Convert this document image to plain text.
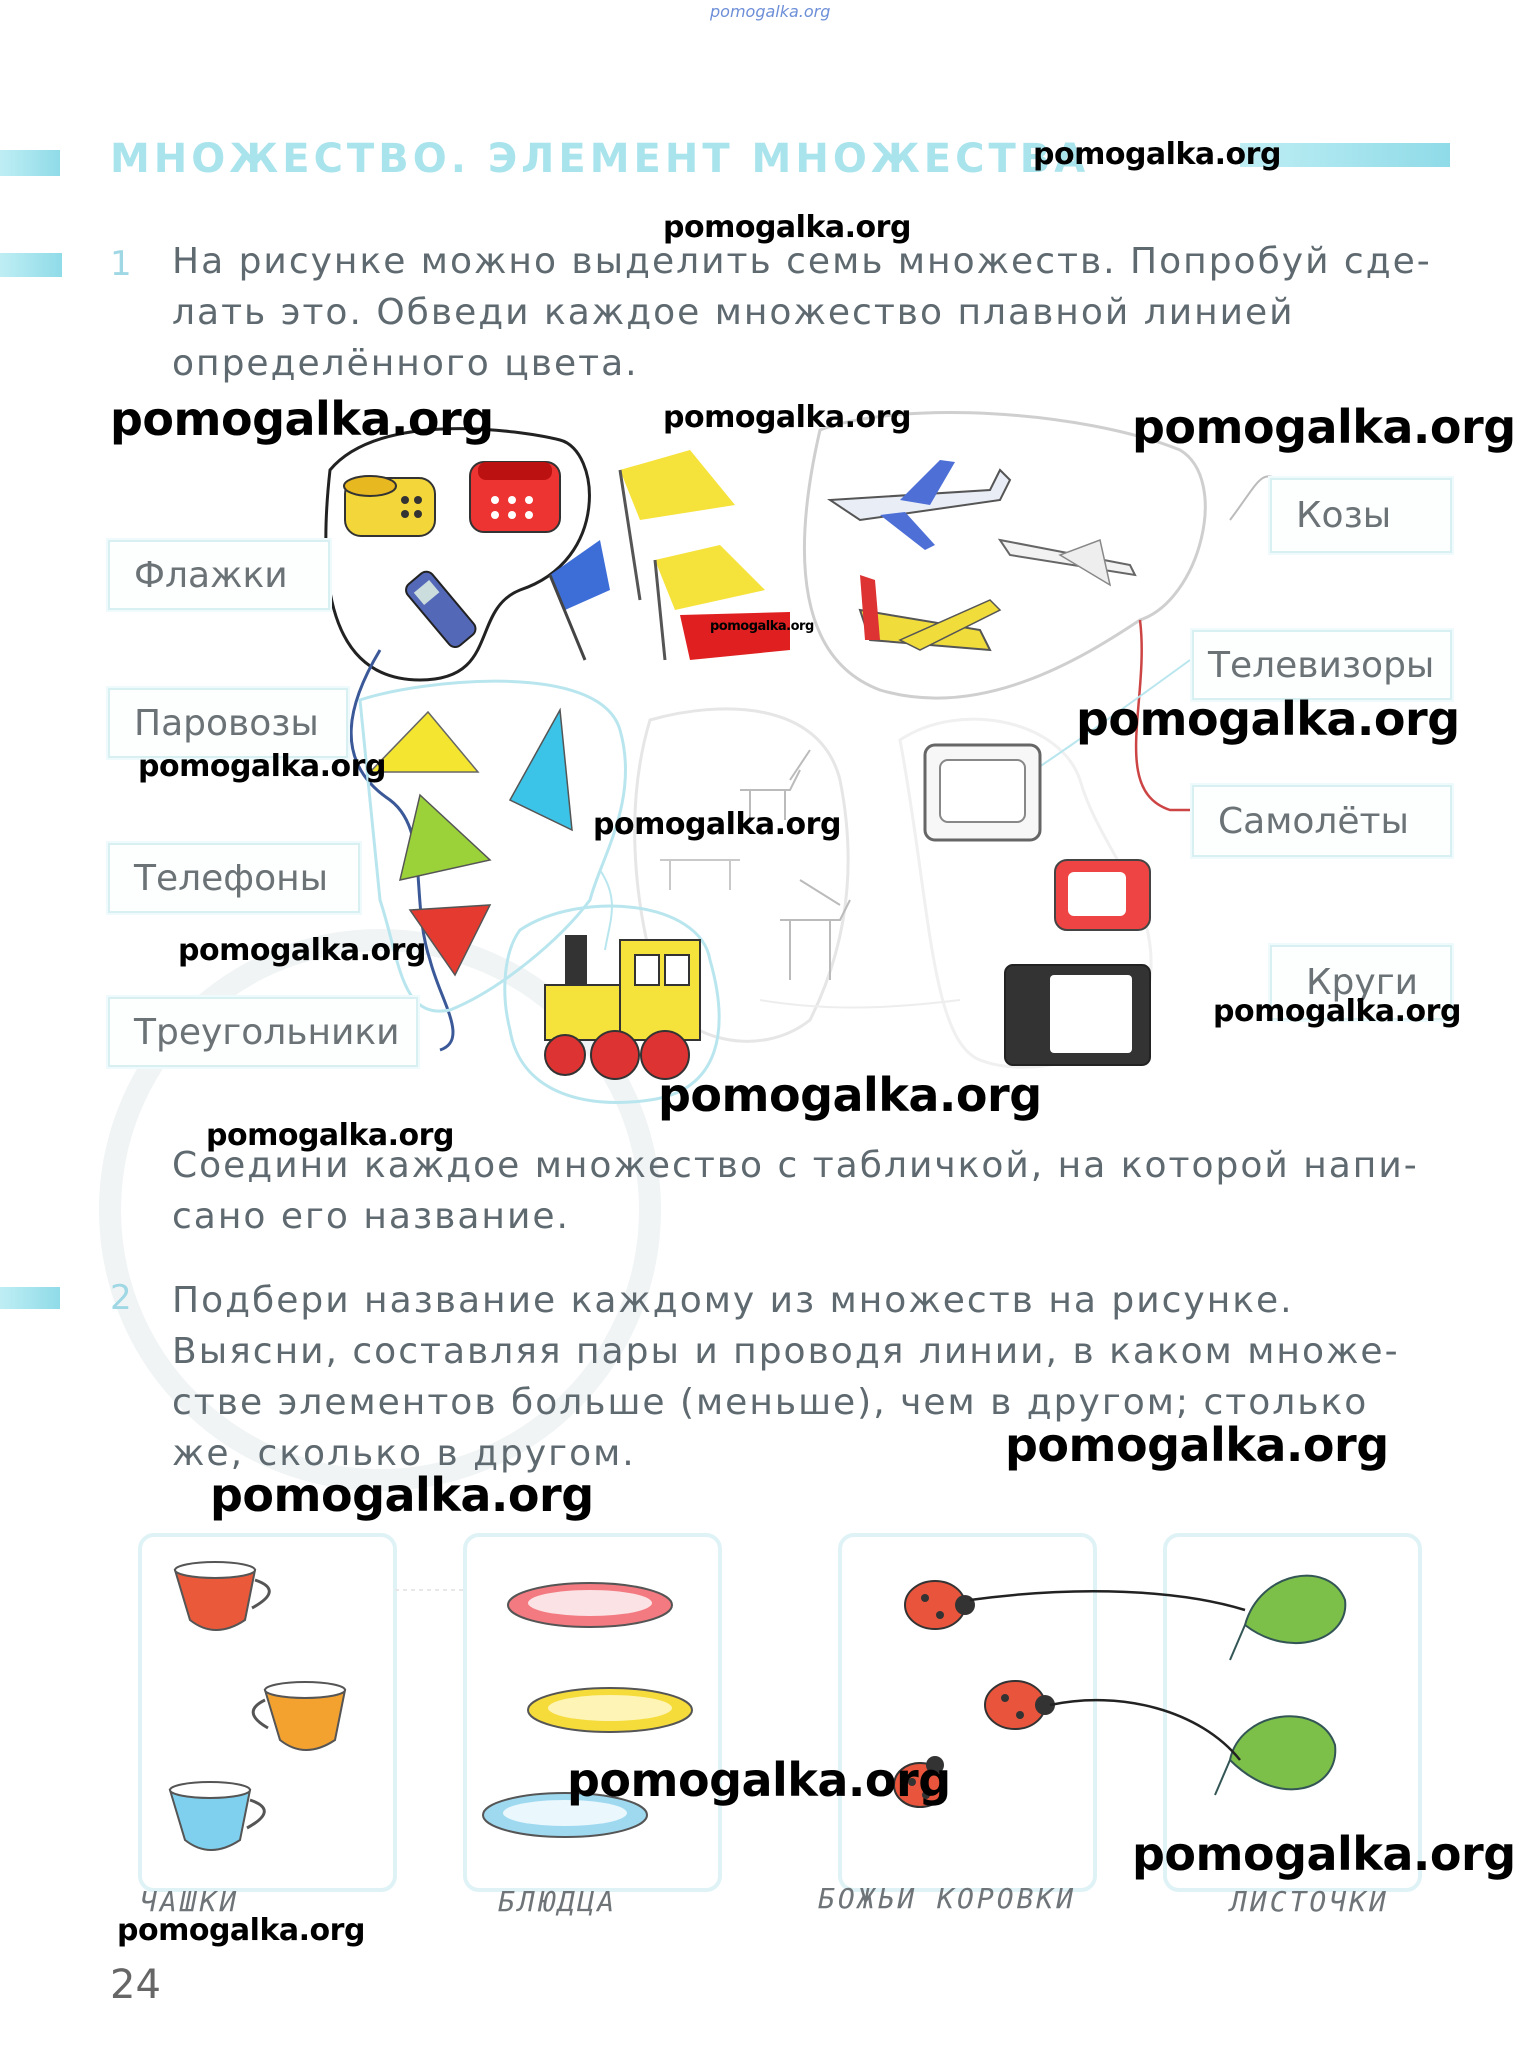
pomogalka.org
МНОЖЕСТВО. ЭЛЕМЕНТ МНОЖЕСТВА
pomogalka.org
1 На рисунке можно выделить семь множеств. Попробуй сде-
лать это. Обведи каждое множество плавной линией
определённого цвета.
pomogalka.org
Флажки
Паровозы
Телефоны
Треугольники
Козы
Телевизоры
Самолёты
Круги
pomogalka.org	pomogalka.org	pomogalka.org
pomogalka.org
pomogalka.org
pomogalka.org
pomogalka.org
pomogalka.org
pomogalka.org
pomogalka.org
pomogalka.org
Соедини каждое множество с табличкой, на которой напи-
сано его название.
2 Подбери название каждому из множеств на рисунке.
Выясни, составляя пары и проводя линии, в каком множе-
стве элементов больше (меньше), чем в другом; столько
же, сколько в другом.	pomogalka.org
pomogalka.org
pomogalka.org
pomogalka.org
ЧАШКИ	БЛЮДЦА	БОЖЬИ КОРОВКИ	ЛИСТОЧКИ
pomogalka.org
24
